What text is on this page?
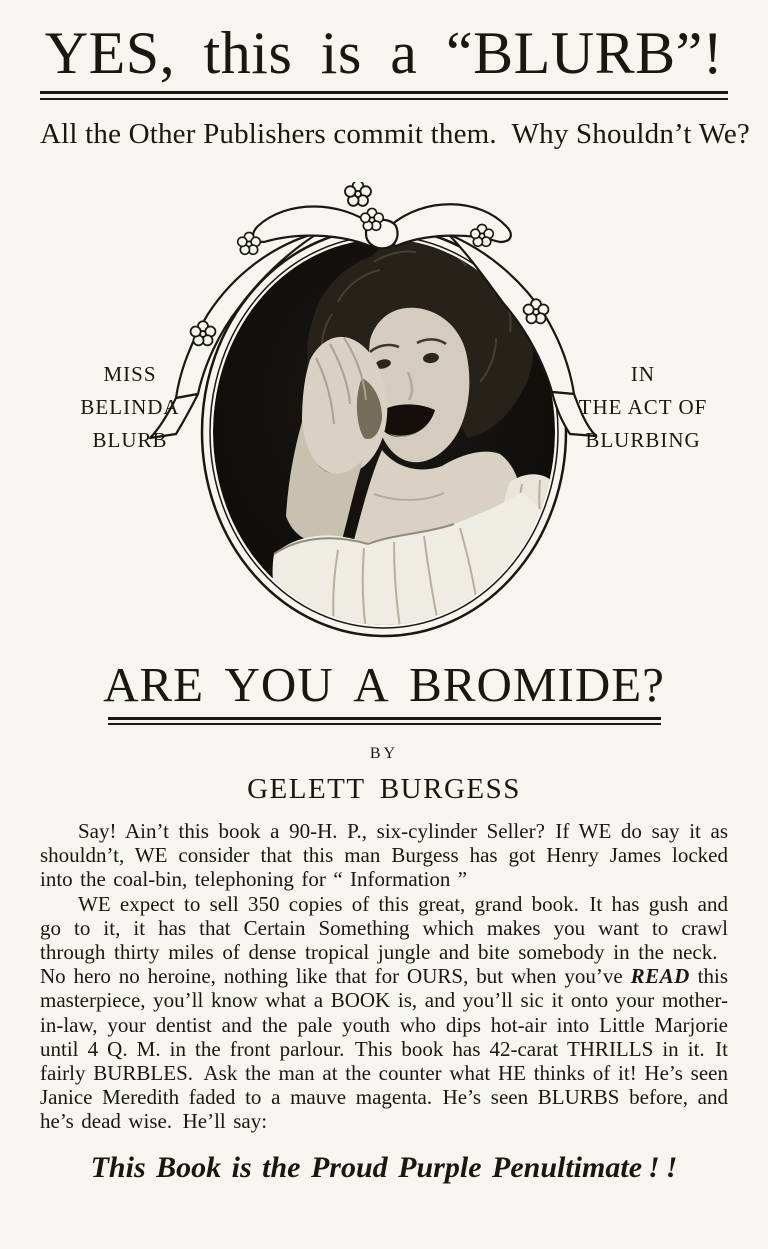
YES, this is a “BLURB”!
All the Other Publishers commit them. Why Shouldn’t We?
MISS
BELINDA
BLURB
IN
THE ACT OF
BLURBING
ARE YOU A BROMIDE?
BY
GELETT BURGESS

Say! Ain’t this book a 90-H. P., six-cylinder Seller? If WE do say it as shouldn’t, WE consider that this man Burgess has got Henry James locked into the coal-bin, telephoning for “ Information ”

WE expect to sell 350 copies of this great, grand book. It has gush and go to it, it has that Certain Something which makes you want to crawl through thirty miles of dense tropical jungle and bite somebody in the neck. No hero no heroine, nothing like that for OURS, but when you’ve READ this masterpiece, you’ll know what a BOOK is, and you’ll sic it onto your mother-in-law, your dentist and the pale youth who dips hot-air into Little Marjorie until 4 Q. M. in the front parlour. This book has 42-carat THRILLS in it. It fairly BURBLES. Ask the man at the counter what HE thinks of it! He’s seen Janice Meredith faded to a mauve magenta. He’s seen BLURBS before, and he’s dead wise. He’ll say:

This Book is the Proud Purple Penultimate ! !
